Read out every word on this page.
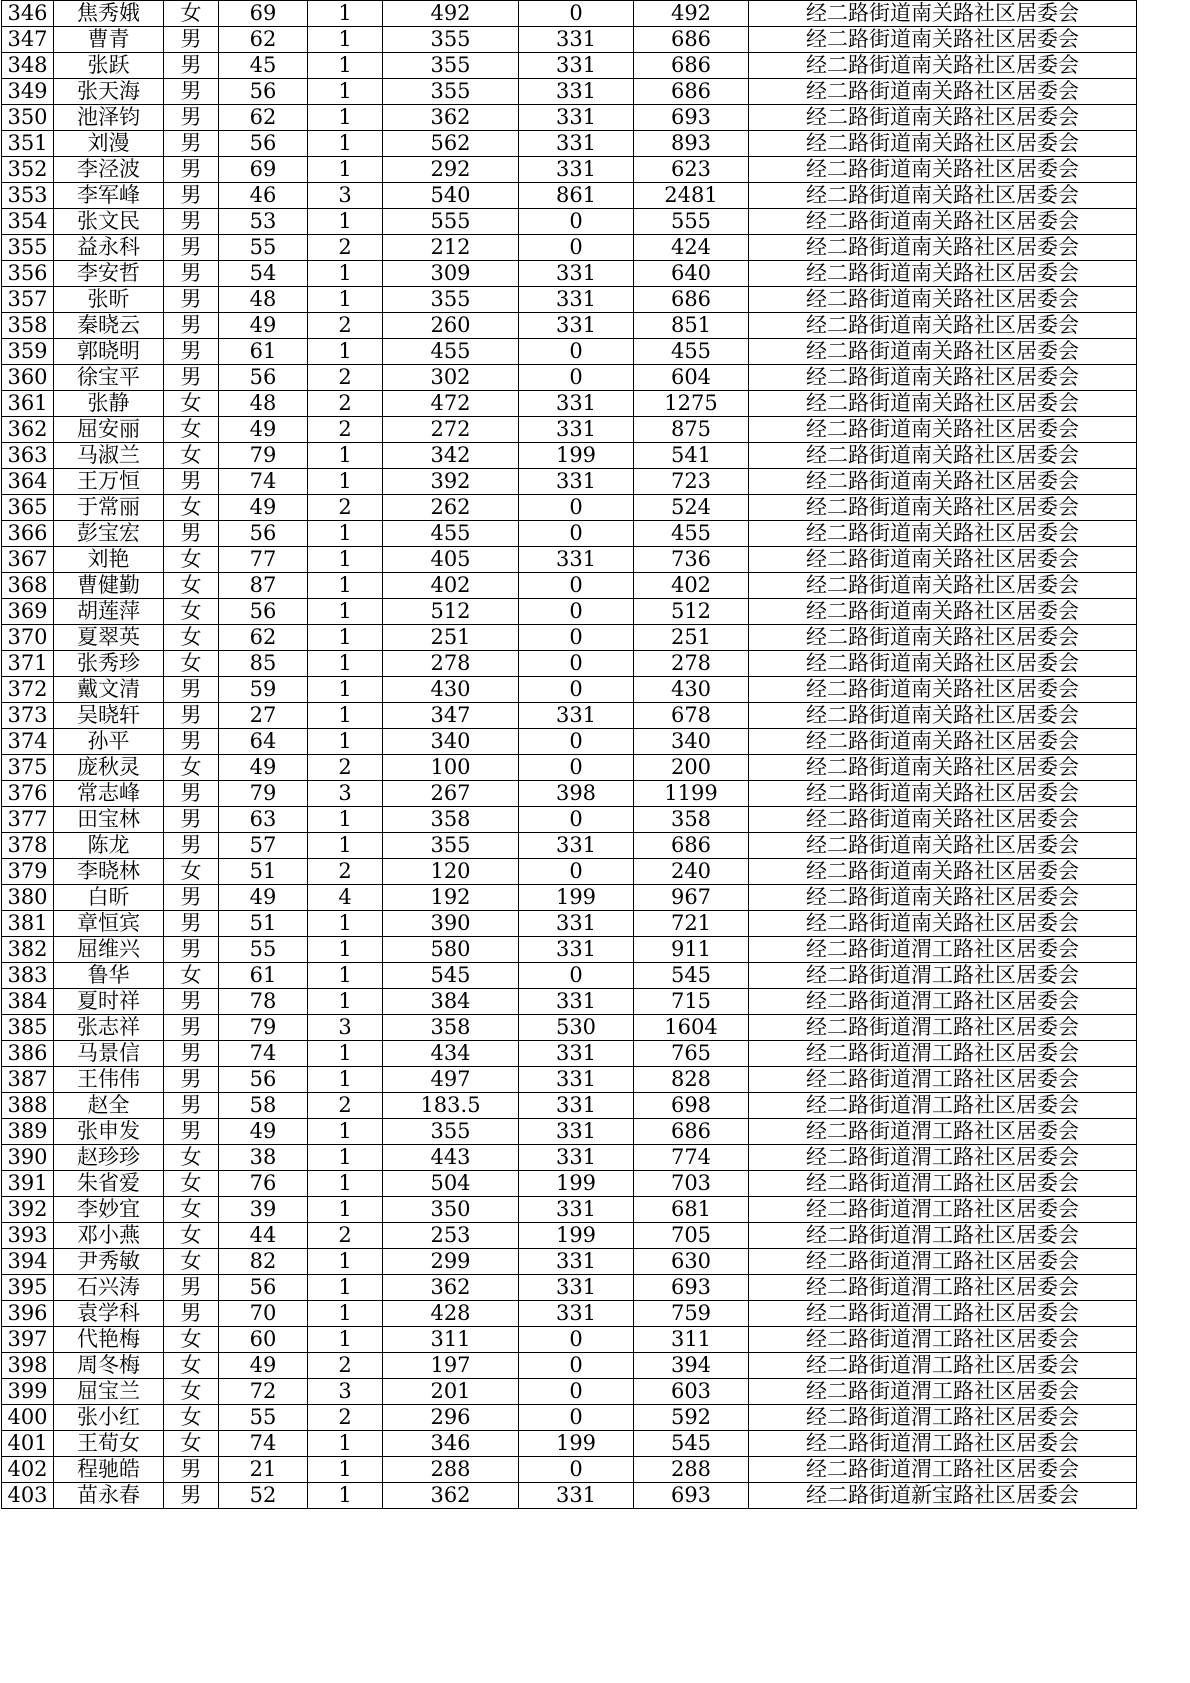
346	焦秀娥	女	69	1	492	0	492	经二路街道南关路社区居委会
347	曹青	男	62	1	355	331	686	经二路街道南关路社区居委会
348	张跃	男	45	1	355	331	686	经二路街道南关路社区居委会
349	张天海	男	56	1	355	331	686	经二路街道南关路社区居委会
350	池泽钧	男	62	1	362	331	693	经二路街道南关路社区居委会
351	刘漫	男	56	1	562	331	893	经二路街道南关路社区居委会
352	李泾波	男	69	1	292	331	623	经二路街道南关路社区居委会
353	李军峰	男	46	3	540	861	2481	经二路街道南关路社区居委会
354	张文民	男	53	1	555	0	555	经二路街道南关路社区居委会
355	益永科	男	55	2	212	0	424	经二路街道南关路社区居委会
356	李安哲	男	54	1	309	331	640	经二路街道南关路社区居委会
357	张昕	男	48	1	355	331	686	经二路街道南关路社区居委会
358	秦晓云	男	49	2	260	331	851	经二路街道南关路社区居委会
359	郭晓明	男	61	1	455	0	455	经二路街道南关路社区居委会
360	徐宝平	男	56	2	302	0	604	经二路街道南关路社区居委会
361	张静	女	48	2	472	331	1275	经二路街道南关路社区居委会
362	屈安丽	女	49	2	272	331	875	经二路街道南关路社区居委会
363	马淑兰	女	79	1	342	199	541	经二路街道南关路社区居委会
364	王万恒	男	74	1	392	331	723	经二路街道南关路社区居委会
365	于常丽	女	49	2	262	0	524	经二路街道南关路社区居委会
366	彭宝宏	男	56	1	455	0	455	经二路街道南关路社区居委会
367	刘艳	女	77	1	405	331	736	经二路街道南关路社区居委会
368	曹健勤	女	87	1	402	0	402	经二路街道南关路社区居委会
369	胡莲萍	女	56	1	512	0	512	经二路街道南关路社区居委会
370	夏翠英	女	62	1	251	0	251	经二路街道南关路社区居委会
371	张秀珍	女	85	1	278	0	278	经二路街道南关路社区居委会
372	戴文清	男	59	1	430	0	430	经二路街道南关路社区居委会
373	吴晓轩	男	27	1	347	331	678	经二路街道南关路社区居委会
374	孙平	男	64	1	340	0	340	经二路街道南关路社区居委会
375	庞秋灵	女	49	2	100	0	200	经二路街道南关路社区居委会
376	常志峰	男	79	3	267	398	1199	经二路街道南关路社区居委会
377	田宝林	男	63	1	358	0	358	经二路街道南关路社区居委会
378	陈龙	男	57	1	355	331	686	经二路街道南关路社区居委会
379	李晓林	女	51	2	120	0	240	经二路街道南关路社区居委会
380	白昕	男	49	4	192	199	967	经二路街道南关路社区居委会
381	章恒宾	男	51	1	390	331	721	经二路街道南关路社区居委会
382	屈维兴	男	55	1	580	331	911	经二路街道渭工路社区居委会
383	鲁华	女	61	1	545	0	545	经二路街道渭工路社区居委会
384	夏时祥	男	78	1	384	331	715	经二路街道渭工路社区居委会
385	张志祥	男	79	3	358	530	1604	经二路街道渭工路社区居委会
386	马景信	男	74	1	434	331	765	经二路街道渭工路社区居委会
387	王伟伟	男	56	1	497	331	828	经二路街道渭工路社区居委会
388	赵全	男	58	2	183.5	331	698	经二路街道渭工路社区居委会
389	张申发	男	49	1	355	331	686	经二路街道渭工路社区居委会
390	赵珍珍	女	38	1	443	331	774	经二路街道渭工路社区居委会
391	朱省爱	女	76	1	504	199	703	经二路街道渭工路社区居委会
392	李妙宜	女	39	1	350	331	681	经二路街道渭工路社区居委会
393	邓小燕	女	44	2	253	199	705	经二路街道渭工路社区居委会
394	尹秀敏	女	82	1	299	331	630	经二路街道渭工路社区居委会
395	石兴涛	男	56	1	362	331	693	经二路街道渭工路社区居委会
396	袁学科	男	70	1	428	331	759	经二路街道渭工路社区居委会
397	代艳梅	女	60	1	311	0	311	经二路街道渭工路社区居委会
398	周冬梅	女	49	2	197	0	394	经二路街道渭工路社区居委会
399	屈宝兰	女	72	3	201	0	603	经二路街道渭工路社区居委会
400	张小红	女	55	2	296	0	592	经二路街道渭工路社区居委会
401	王荀女	女	74	1	346	199	545	经二路街道渭工路社区居委会
402	程驰皓	男	21	1	288	0	288	经二路街道渭工路社区居委会
403	苗永春	男	52	1	362	331	693	经二路街道新宝路社区居委会
